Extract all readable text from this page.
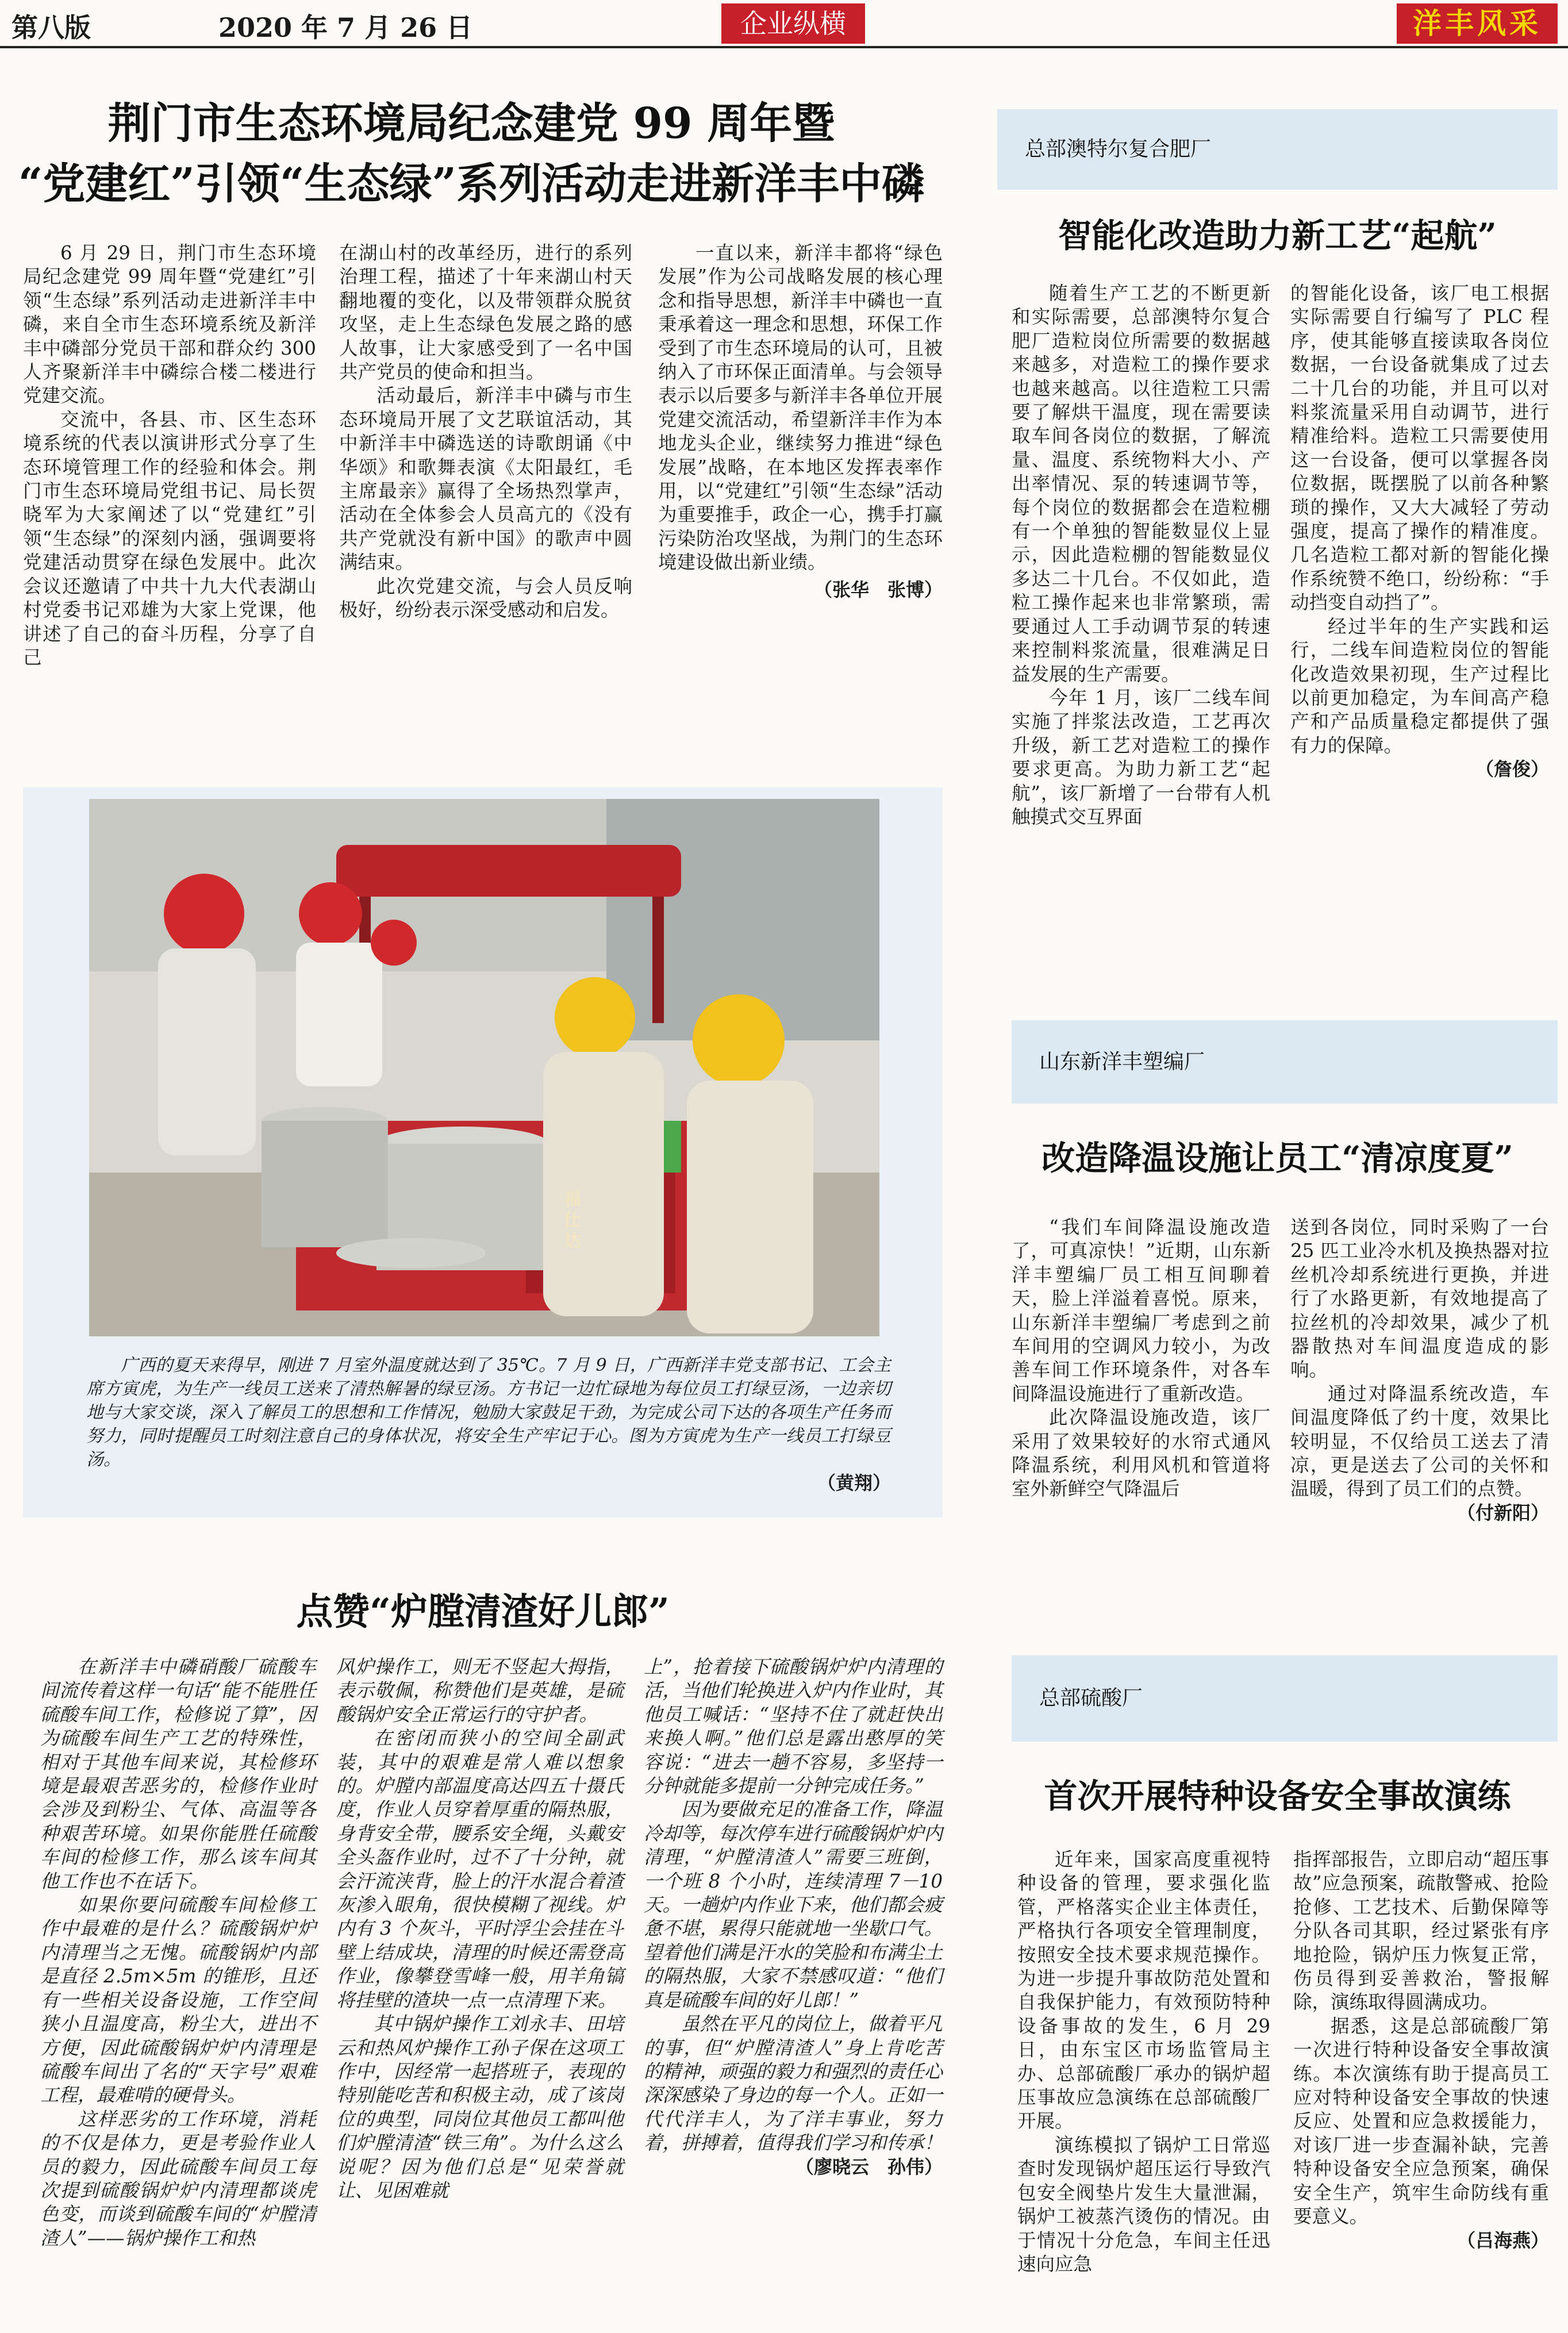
第八版	2020 年 7 月 26 日	企业纵横	洋丰风采
荆门市生态环境局纪念建党 99 周年暨
“党建红”引领“生态绿”系列活动走进新洋丰中磷

6 月 29 日，荆门市生态环境局纪念建党 99 周年暨“党建红”引领“生态绿”系列活动走进新洋丰中磷，来自全市生态环境系统及新洋丰中磷部分党员干部和群众约 300 人齐聚新洋丰中磷综合楼二楼进行党建交流。

交流中，各县、市、区生态环境系统的代表以演讲形式分享了生态环境管理工作的经验和体会。荆门市生态环境局党组书记、局长贺晓军为大家阐述了以“党建红”引领“生态绿”的深刻内涵，强调要将党建活动贯穿在绿色发展中。此次会议还邀请了中共十九大代表湖山村党委书记邓雄为大家上党课，他讲述了自己的奋斗历程，分享了自己

在湖山村的改革经历，进行的系列治理工程，描述了十年来湖山村天翻地覆的变化，以及带领群众脱贫攻坚，走上生态绿色发展之路的感人故事，让大家感受到了一名中国共产党员的使命和担当。

活动最后，新洋丰中磷与市生态环境局开展了文艺联谊活动，其中新洋丰中磷选送的诗歌朗诵《中华颂》和歌舞表演《太阳最红，毛主席最亲》赢得了全场热烈掌声，活动在全体参会人员高亢的《没有共产党就没有新中国》的歌声中圆满结束。

此次党建交流，与会人员反响极好，纷纷表示深受感动和启发。

一直以来，新洋丰都将“绿色发展”作为公司战略发展的核心理念和指导思想，新洋丰中磷也一直秉承着这一理念和思想，环保工作受到了市生态环境局的认可，且被纳入了市环保正面清单。与会领导表示以后要多与新洋丰各单位开展党建交流活动，希望新洋丰作为本地龙头企业，继续努力推进“绿色发展”战略，在本地区发挥表率作用，以“党建红”引领“生态绿”活动为重要推手，政企一心，携手打赢污染防治攻坚战，为荆门的生态环境建设做出新业绩。

（张华　张博）
福仕达
广西的夏天来得早，刚进 7 月室外温度就达到了 35℃。7 月 9 日，广西新洋丰党支部书记、工会主席方寅虎，为生产一线员工送来了清热解暑的绿豆汤。方书记一边忙碌地为每位员工打绿豆汤，一边亲切地与大家交谈，深入了解员工的思想和工作情况，勉励大家鼓足干劲，为完成公司下达的各项生产任务而努力，同时提醒员工时刻注意自己的身体状况，将安全生产牢记于心。图为方寅虎为生产一线员工打绿豆汤。
（黄翔）
点赞“炉膛清渣好儿郎”

在新洋丰中磷硝酸厂硫酸车间流传着这样一句话“能不能胜任硫酸车间工作，检修说了算”，因为硫酸车间生产工艺的特殊性，相对于其他车间来说，其检修环境是最艰苦恶劣的，检修作业时会涉及到粉尘、气体、高温等各种艰苦环境。如果你能胜任硫酸车间的检修工作，那么该车间其他工作也不在话下。

如果你要问硫酸车间检修工作中最难的是什么？硫酸锅炉炉内清理当之无愧。硫酸锅炉内部是直径 2.5m×5m 的锥形，且还有一些相关设备设施，工作空间狭小且温度高，粉尘大，进出不方便，因此硫酸锅炉炉内清理是硫酸车间出了名的“天字号”艰难工程，最难啃的硬骨头。

这样恶劣的工作环境，消耗的不仅是体力，更是考验作业人员的毅力，因此硫酸车间员工每次提到硫酸锅炉炉内清理都谈虎色变，而谈到硫酸车间的“炉膛清渣人”——锅炉操作工和热

风炉操作工，则无不竖起大拇指，表示敬佩，称赞他们是英雄，是硫酸锅炉安全正常运行的守护者。

在密闭而狭小的空间全副武装，其中的艰难是常人难以想象的。炉膛内部温度高达四五十摄氏度，作业人员穿着厚重的隔热服，身背安全带，腰系安全绳，头戴安全头盔作业时，过不了十分钟，就会汗流浃背，脸上的汗水混合着渣灰渗入眼角，很快模糊了视线。炉内有 3 个灰斗，平时浮尘会挂在斗壁上结成块，清理的时候还需登高作业，像攀登雪峰一般，用羊角镐将挂壁的渣块一点一点清理下来。

其中锅炉操作工刘永丰、田培云和热风炉操作工孙子保在这项工作中，因经常一起搭班子，表现的特别能吃苦和积极主动，成了该岗位的典型，同岗位其他员工都叫他们炉膛清渣“铁三角”。为什么这么说呢？因为他们总是“见荣誉就让、见困难就

上”，抢着接下硫酸锅炉炉内清理的活，当他们轮换进入炉内作业时，其他员工喊话：“坚持不住了就赶快出来换人啊。”他们总是露出憨厚的笑容说：“进去一趟不容易，多坚持一分钟就能多提前一分钟完成任务。”

因为要做充足的准备工作，降温冷却等，每次停车进行硫酸锅炉炉内清理，“炉膛清渣人”需要三班倒，一个班 8 个小时，连续清理 7－10 天。一趟炉内作业下来，他们都会疲惫不堪，累得只能就地一坐歇口气。望着他们满是汗水的笑脸和布满尘土的隔热服，大家不禁感叹道：“他们真是硫酸车间的好儿郎！”

虽然在平凡的岗位上，做着平凡的事，但“炉膛清渣人”身上肯吃苦的精神，顽强的毅力和强烈的责任心深深感染了身边的每一个人。正如一代代洋丰人，为了洋丰事业，努力着，拼搏着，值得我们学习和传承！

（廖晓云　孙伟）
总部澳特尔复合肥厂
智能化改造助力新工艺“起航”

随着生产工艺的不断更新和实际需要，总部澳特尔复合肥厂造粒岗位所需要的数据越来越多，对造粒工的操作要求也越来越高。以往造粒工只需要了解烘干温度，现在需要读取车间各岗位的数据，了解流量、温度、系统物料大小、产出率情况、泵的转速调节等，每个岗位的数据都会在造粒棚有一个单独的智能数显仪上显示，因此造粒棚的智能数显仪多达二十几台。不仅如此，造粒工操作起来也非常繁琐，需要通过人工手动调节泵的转速来控制料浆流量，很难满足日益发展的生产需要。

今年 1 月，该厂二线车间实施了拌浆法改造，工艺再次升级，新工艺对造粒工的操作要求更高。为助力新工艺“起航”，该厂新增了一台带有人机触摸式交互界面

的智能化设备，该厂电工根据实际需要自行编写了 PLC 程序，使其能够直接读取各岗位数据，一台设备就集成了过去二十几台的功能，并且可以对料浆流量采用自动调节，进行精准给料。造粒工只需要使用这一台设备，便可以掌握各岗位数据，既摆脱了以前各种繁琐的操作，又大大减轻了劳动强度，提高了操作的精准度。几名造粒工都对新的智能化操作系统赞不绝口，纷纷称：“手动挡变自动挡了”。

经过半年的生产实践和运行，二线车间造粒岗位的智能化改造效果初现，生产过程比以前更加稳定，为车间高产稳产和产品质量稳定都提供了强有力的保障。

（詹俊）
山东新洋丰塑编厂
改造降温设施让员工“清凉度夏”

“我们车间降温设施改造了，可真凉快！”近期，山东新洋丰塑编厂员工相互间聊着天，脸上洋溢着喜悦。原来，山东新洋丰塑编厂考虑到之前车间用的空调风力较小，为改善车间工作环境条件，对各车间降温设施进行了重新改造。

此次降温设施改造，该厂采用了效果较好的水帘式通风降温系统，利用风机和管道将室外新鲜空气降温后

送到各岗位，同时采购了一台 25 匹工业冷水机及换热器对拉丝机冷却系统进行更换，并进行了水路更新，有效地提高了拉丝机的冷却效果，减少了机器散热对车间温度造成的影响。

通过对降温系统改造，车间温度降低了约十度，效果比较明显，不仅给员工送去了清凉，更是送去了公司的关怀和温暖，得到了员工们的点赞。

（付新阳）
总部硫酸厂
首次开展特种设备安全事故演练

近年来，国家高度重视特种设备的管理，要求强化监管，严格落实企业主体责任，严格执行各项安全管理制度，按照安全技术要求规范操作。为进一步提升事故防范处置和自我保护能力，有效预防特种设备事故的发生，6 月 29 日，由东宝区市场监管局主办、总部硫酸厂承办的锅炉超压事故应急演练在总部硫酸厂开展。

演练模拟了锅炉工日常巡查时发现锅炉超压运行导致汽包安全阀垫片发生大量泄漏，锅炉工被蒸汽烫伤的情况。由于情况十分危急，车间主任迅速向应急

指挥部报告，立即启动“超压事故”应急预案，疏散警戒、抢险抢修、工艺技术、后勤保障等分队各司其职，经过紧张有序地抢险，锅炉压力恢复正常，伤员得到妥善救治，警报解除，演练取得圆满成功。

据悉，这是总部硫酸厂第一次进行特种设备安全事故演练。本次演练有助于提高员工应对特种设备安全事故的快速反应、处置和应急救援能力，对该厂进一步查漏补缺，完善特种设备安全应急预案，确保安全生产，筑牢生命防线有重要意义。

（吕海燕）
